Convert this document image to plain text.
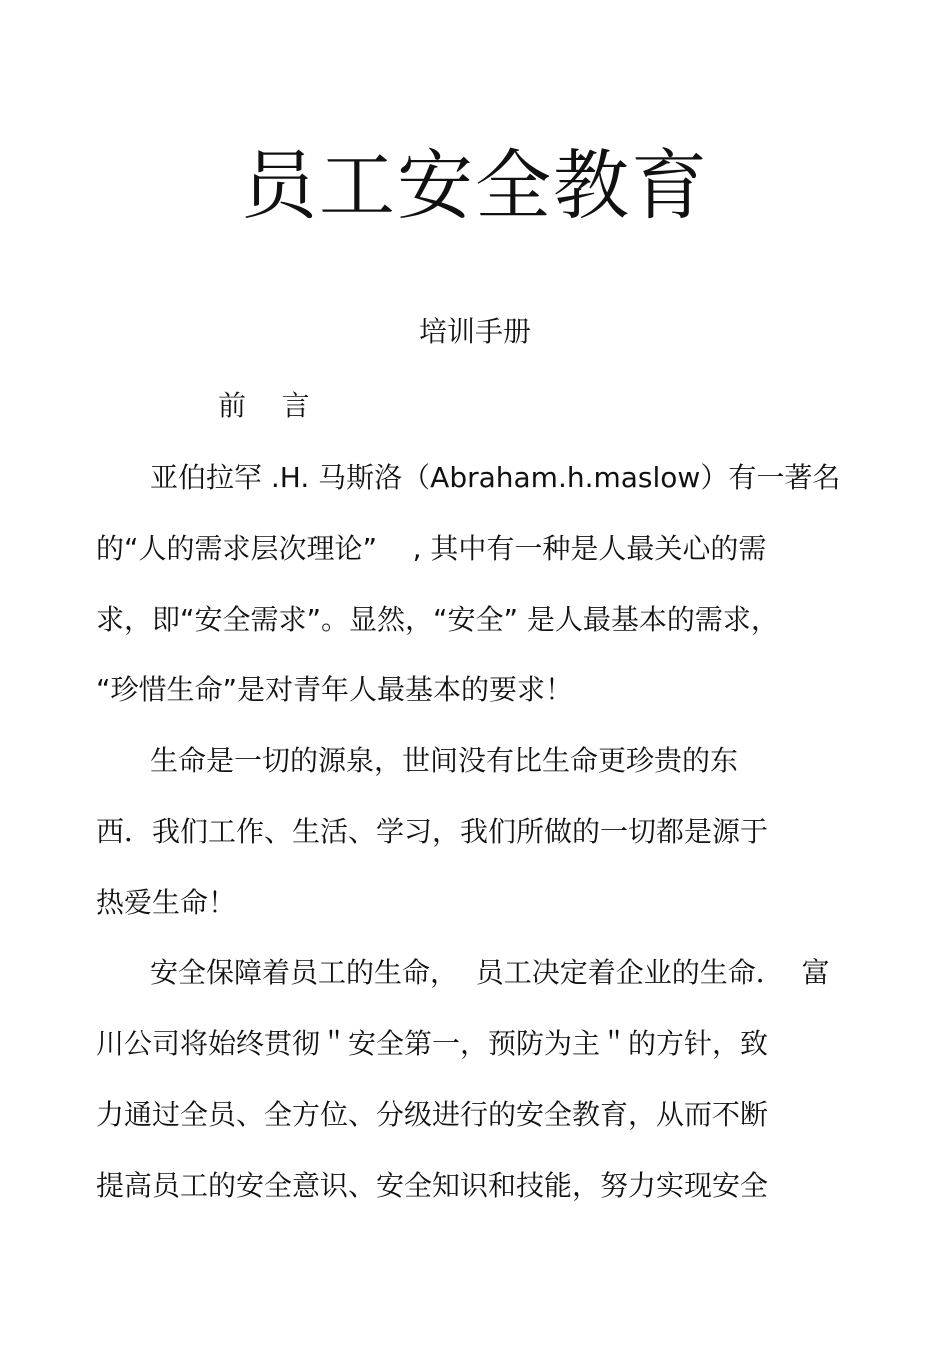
员工安全教育
培训手册
前    言
亚伯拉罕 .H. 马斯洛（Abraham.h.maslow）有一著名
的“人的需求层次理论”    , 其中有一种是人最关心的需
求，即“安全需求”。显然，“安全” 是人最基本的需求，
“珍惜生命”是对青年人最基本的要求！
生命是一切的源泉，世间没有比生命更珍贵的东
西．我们工作、生活、学习，我们所做的一切都是源于
热爱生命！
安全保障着员工的生命，  员工决定着企业的生命．  富
川公司将始终贯彻＂安全第一，预防为主＂的方针，致
力通过全员、全方位、分级进行的安全教育，从而不断
提高员工的安全意识、安全知识和技能，努力实现安全
